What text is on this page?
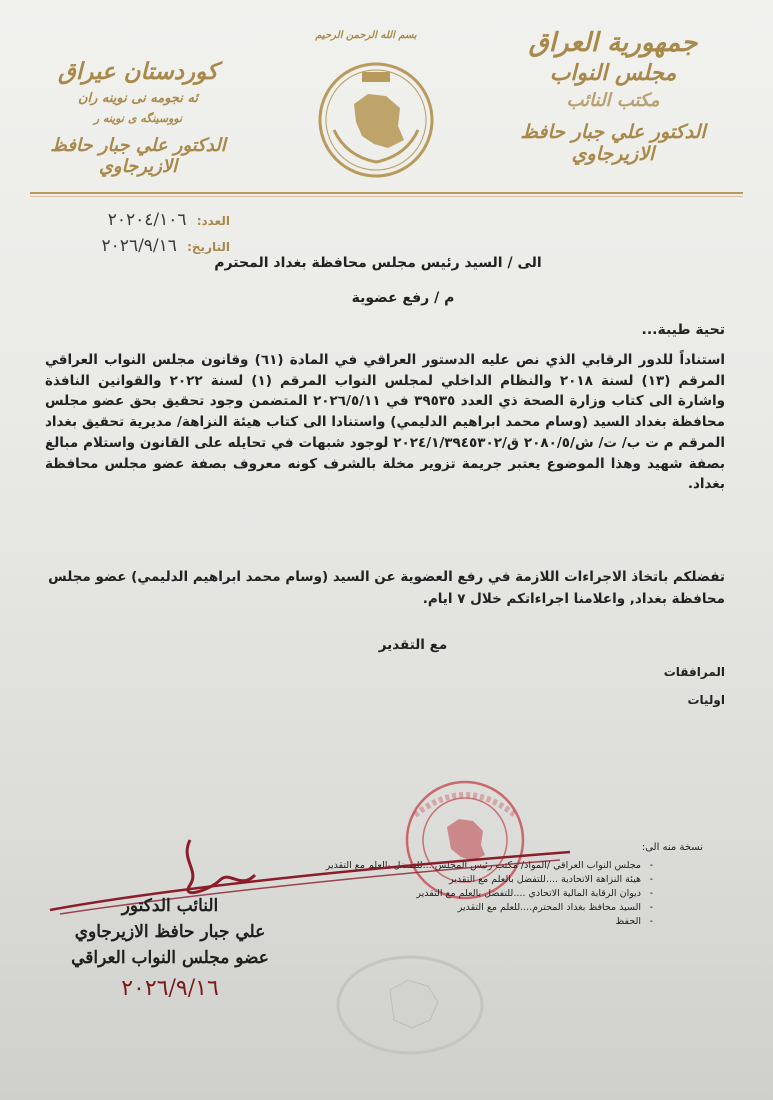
جمهورية العراق
مجلس النواب
مكتب النائب
الدكتور علي جبار حافظ الازيرجاوي
كوردستان عيراق
ئه نجومه نى نوينه ران
نووسينگه ى نوينه ر
الدكتور علي جبار حافظ الازيرجاوي
بسم الله الرحمن الرحيم
العدد: ٢٠٢٠٤/١٠٦
التاريخ: ٢٠٢٦/٩/١٦
الى / السيد رئيس مجلس محافظة بغداد المحترم
م / رفع عضوية
تحية طيبة...
استناداً للدور الرقابي الذي نص عليه الدستور العراقي في المادة (٦١) وقانون مجلس النواب العراقي المرقم (١٣) لسنة ٢٠١٨ والنظام الداخلي لمجلس النواب المرقم (١) لسنة ٢٠٢٢ والقوانين النافذة واشارة الى كتاب وزارة الصحة ذي العدد ٣٩٥٣٥ في ٢٠٢٦/٥/١١ المتضمن وجود تحقيق بحق عضو مجلس محافظة بغداد السيد (وسام محمد ابراهيم الدليمي) واستنادا الى كتاب هيئة النزاهة/ مديرية تحقيق بغداد المرقم م ت ب/ ت/ ش/٢٠٨٠/٥ ق/٢٠٢٤/١/٣٩٤٥٣٠٢ لوجود شبهات في تحايله على القانون واستلام مبالغ بصفة شهيد وهذا الموضوع يعتبر جريمة تزوير مخلة بالشرف كونه معروف بصفة عضو مجلس محافظة بغداد.
تفضلكم باتخاذ الاجراءات اللازمة في رفع العضوية عن السيد (وسام محمد ابراهيم الدليمي) عضو مجلس محافظة بغداد, واعلامنا اجراءاتكم خلال ٧ ايام.
مع التقدير
المرافقات
اوليات
نسخة منه الى:
- مجلس النواب العراقي /المواد/ مكتب رئيس المجلس....للتفضل بالعلم مع التقدير
- هيئة النزاهة الاتحادية ....للتفضل بالعلم مع التقدير
- ديوان الرقابة المالية الاتحادي ....للتفضل بالعلم مع التقدير
- السيد محافظ بغداد المحترم....للعلم مع التقدير
- الحفظ
النائب الدكتور
علي جبار حافظ الازيرجاوي
عضو مجلس النواب العراقي
٢٠٢٦/٩/١٦
